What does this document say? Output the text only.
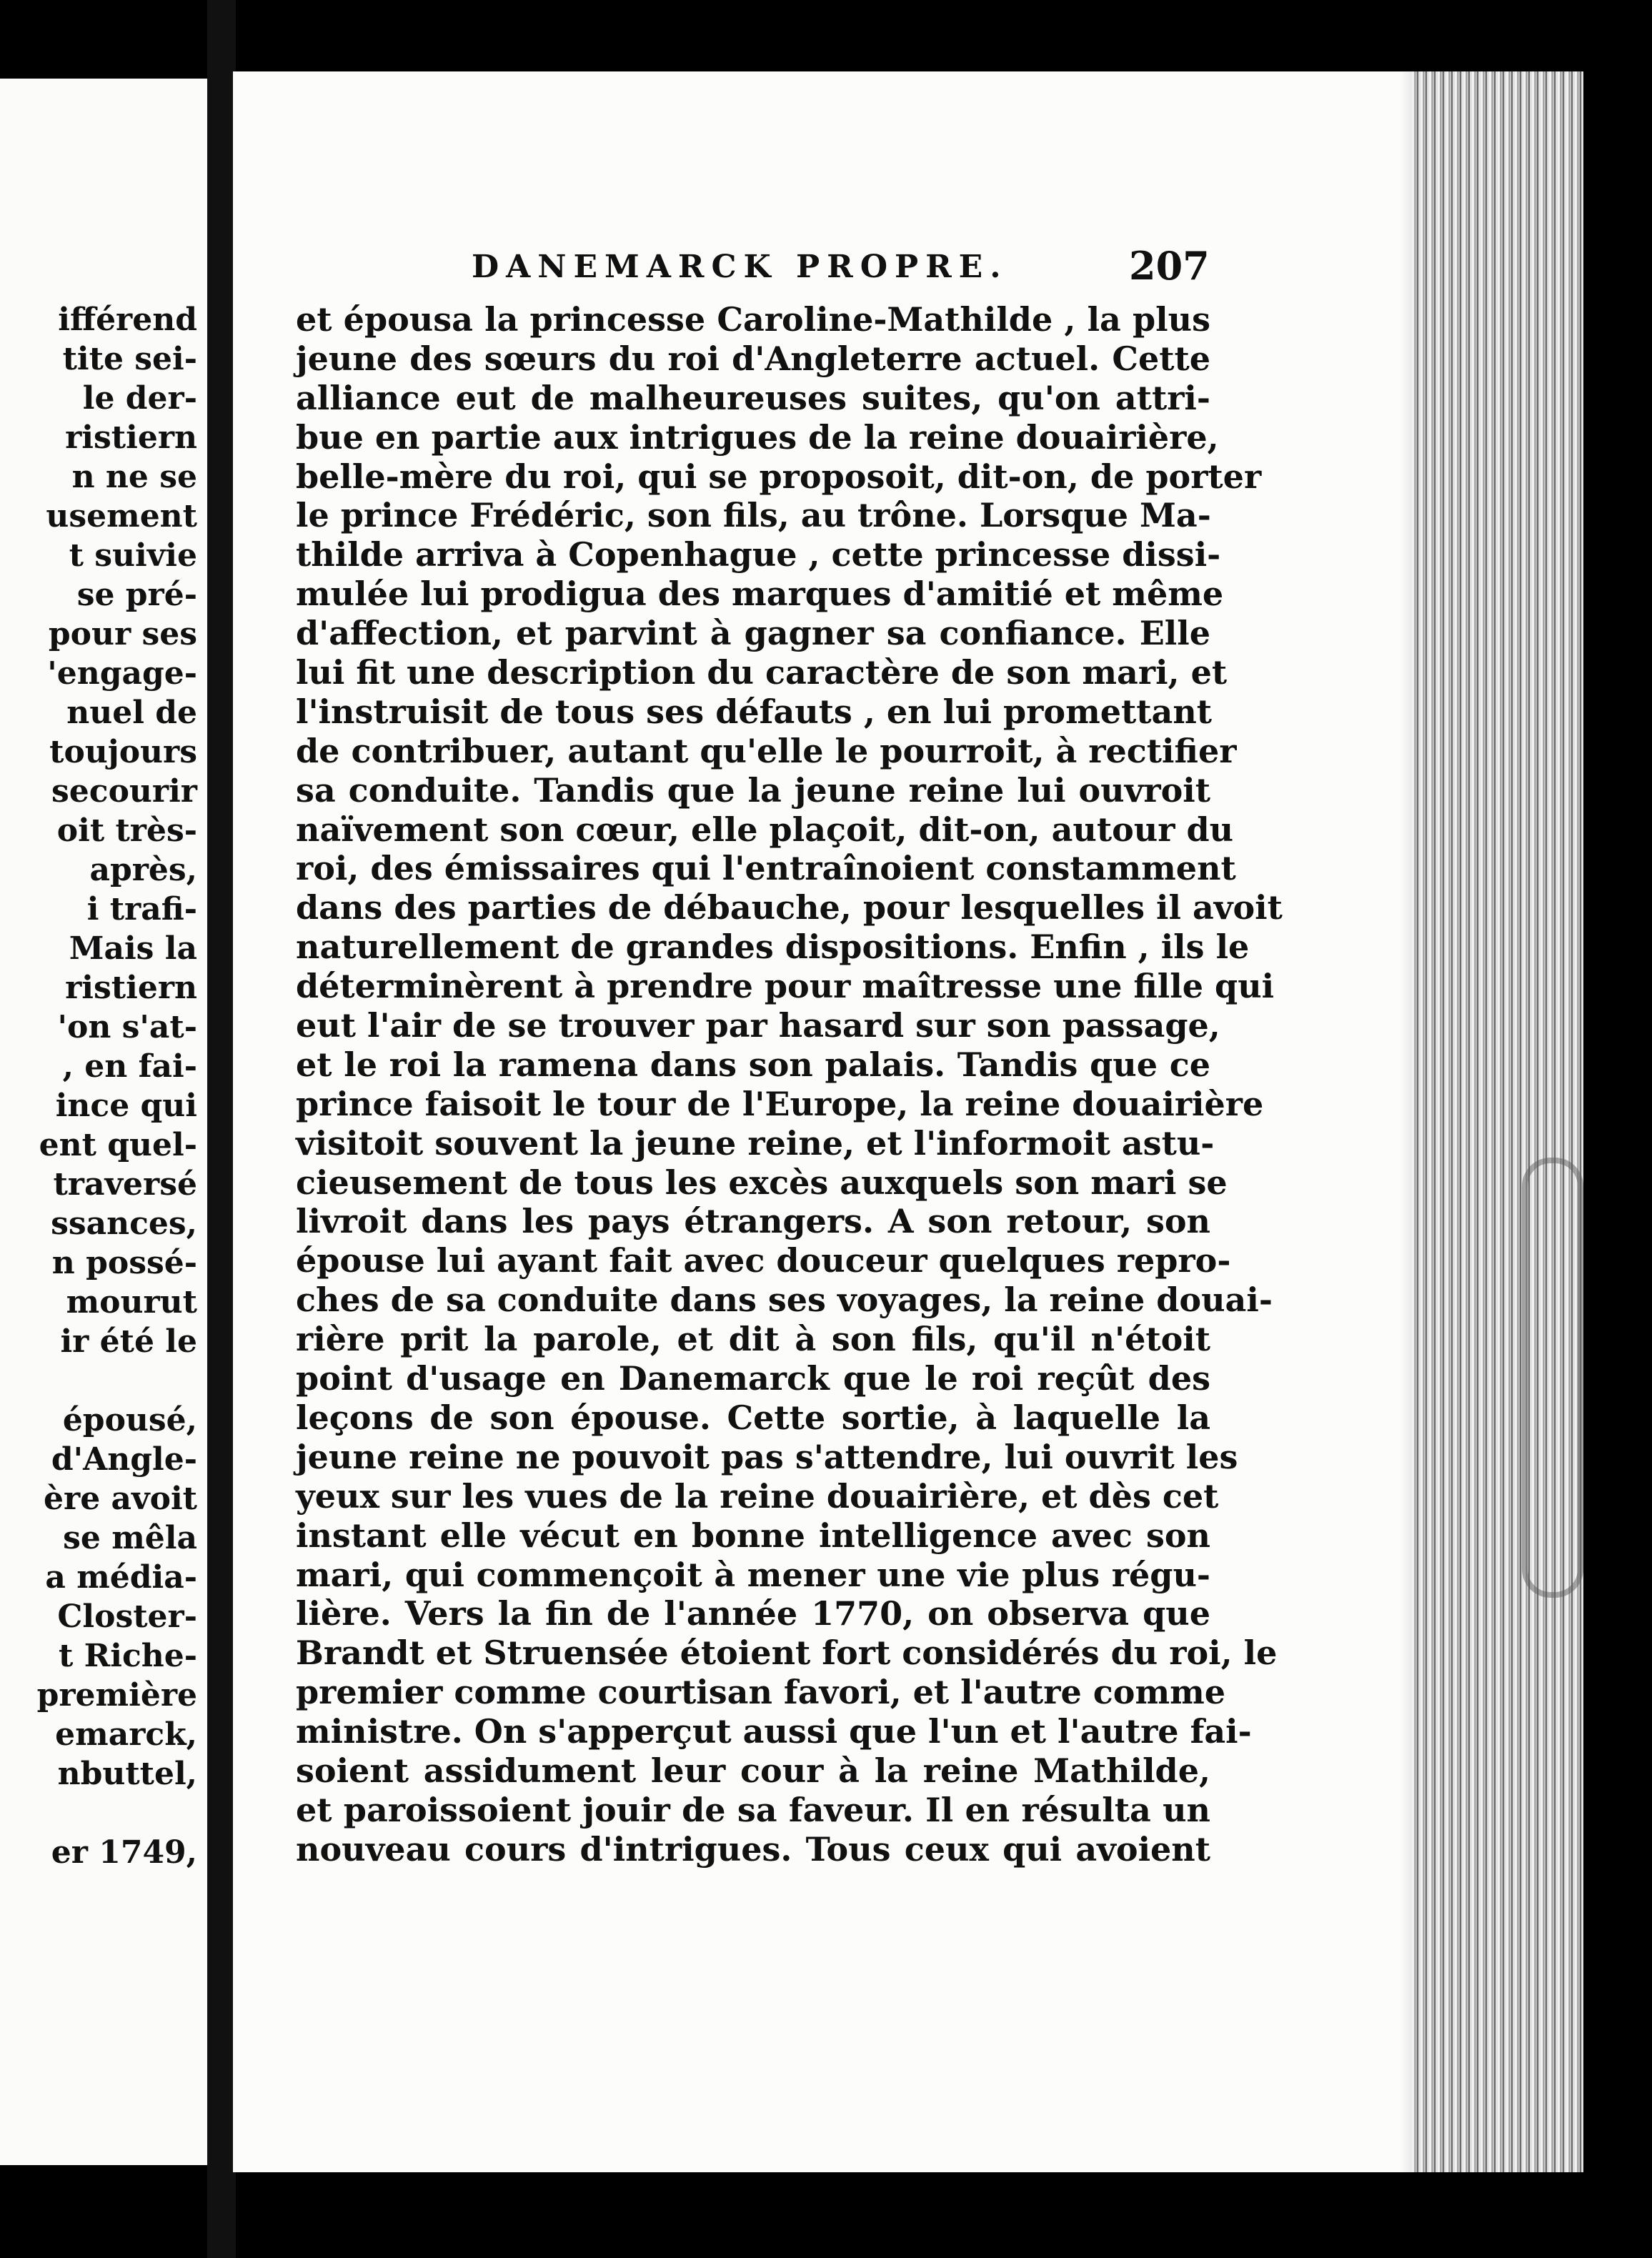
ifférend
tite sei-
le der-
ristiern
n ne se
usement
t suivie
se pré-
pour ses
'engage-
nuel de
toujours
secourir
oit très-
après,
i trafi-
Mais la
ristiern
'on s'at-
, en fai-
ince qui
ent quel-
traversé
ssances,
n possé-
mourut
ir été le
épousé,
d'Angle-
ère avoit
se mêla
a média-
Closter-
t Riche-
première
emarck,
nbuttel,
er 1749,
DANEMARCK PROPRE.	207
et épousa la princesse Caroline-Mathilde , la plus
jeune des sœurs du roi d'Angleterre actuel. Cette
alliance eut de malheureuses suites, qu'on attri-
bue en partie aux intrigues de la reine douairière,
belle-mère du roi, qui se proposoit, dit-on, de porter
le prince Frédéric, son fils, au trône. Lorsque Ma-
thilde arriva à Copenhague , cette princesse dissi-
mulée lui prodigua des marques d'amitié et même
d'affection, et parvint à gagner sa confiance. Elle
lui fit une description du caractère de son mari, et
l'instruisit de tous ses défauts , en lui promettant
de contribuer, autant qu'elle le pourroit, à rectifier
sa conduite. Tandis que la jeune reine lui ouvroit
naïvement son cœur, elle plaçoit, dit-on, autour du
roi, des émissaires qui l'entraînoient constamment
dans des parties de débauche, pour lesquelles il avoit
naturellement de grandes dispositions. Enfin , ils le
déterminèrent à prendre pour maîtresse une fille qui
eut l'air de se trouver par hasard sur son passage,
et le roi la ramena dans son palais. Tandis que ce
prince faisoit le tour de l'Europe, la reine douairière
visitoit souvent la jeune reine, et l'informoit astu-
cieusement de tous les excès auxquels son mari se
livroit dans les pays étrangers. A son retour, son
épouse lui ayant fait avec douceur quelques repro-
ches de sa conduite dans ses voyages, la reine douai-
rière prit la parole, et dit à son fils, qu'il n'étoit
point d'usage en Danemarck que le roi reçût des
leçons de son épouse. Cette sortie, à laquelle la
jeune reine ne pouvoit pas s'attendre, lui ouvrit les
yeux sur les vues de la reine douairière, et dès cet
instant elle vécut en bonne intelligence avec son
mari, qui commençoit à mener une vie plus régu-
lière. Vers la fin de l'année 1770, on observa que
Brandt et Struensée étoient fort considérés du roi, le
premier comme courtisan favori, et l'autre comme
ministre. On s'apperçut aussi que l'un et l'autre fai-
soient assidument leur cour à la reine Mathilde,
et paroissoient jouir de sa faveur. Il en résulta un
nouveau cours d'intrigues. Tous ceux qui avoient
